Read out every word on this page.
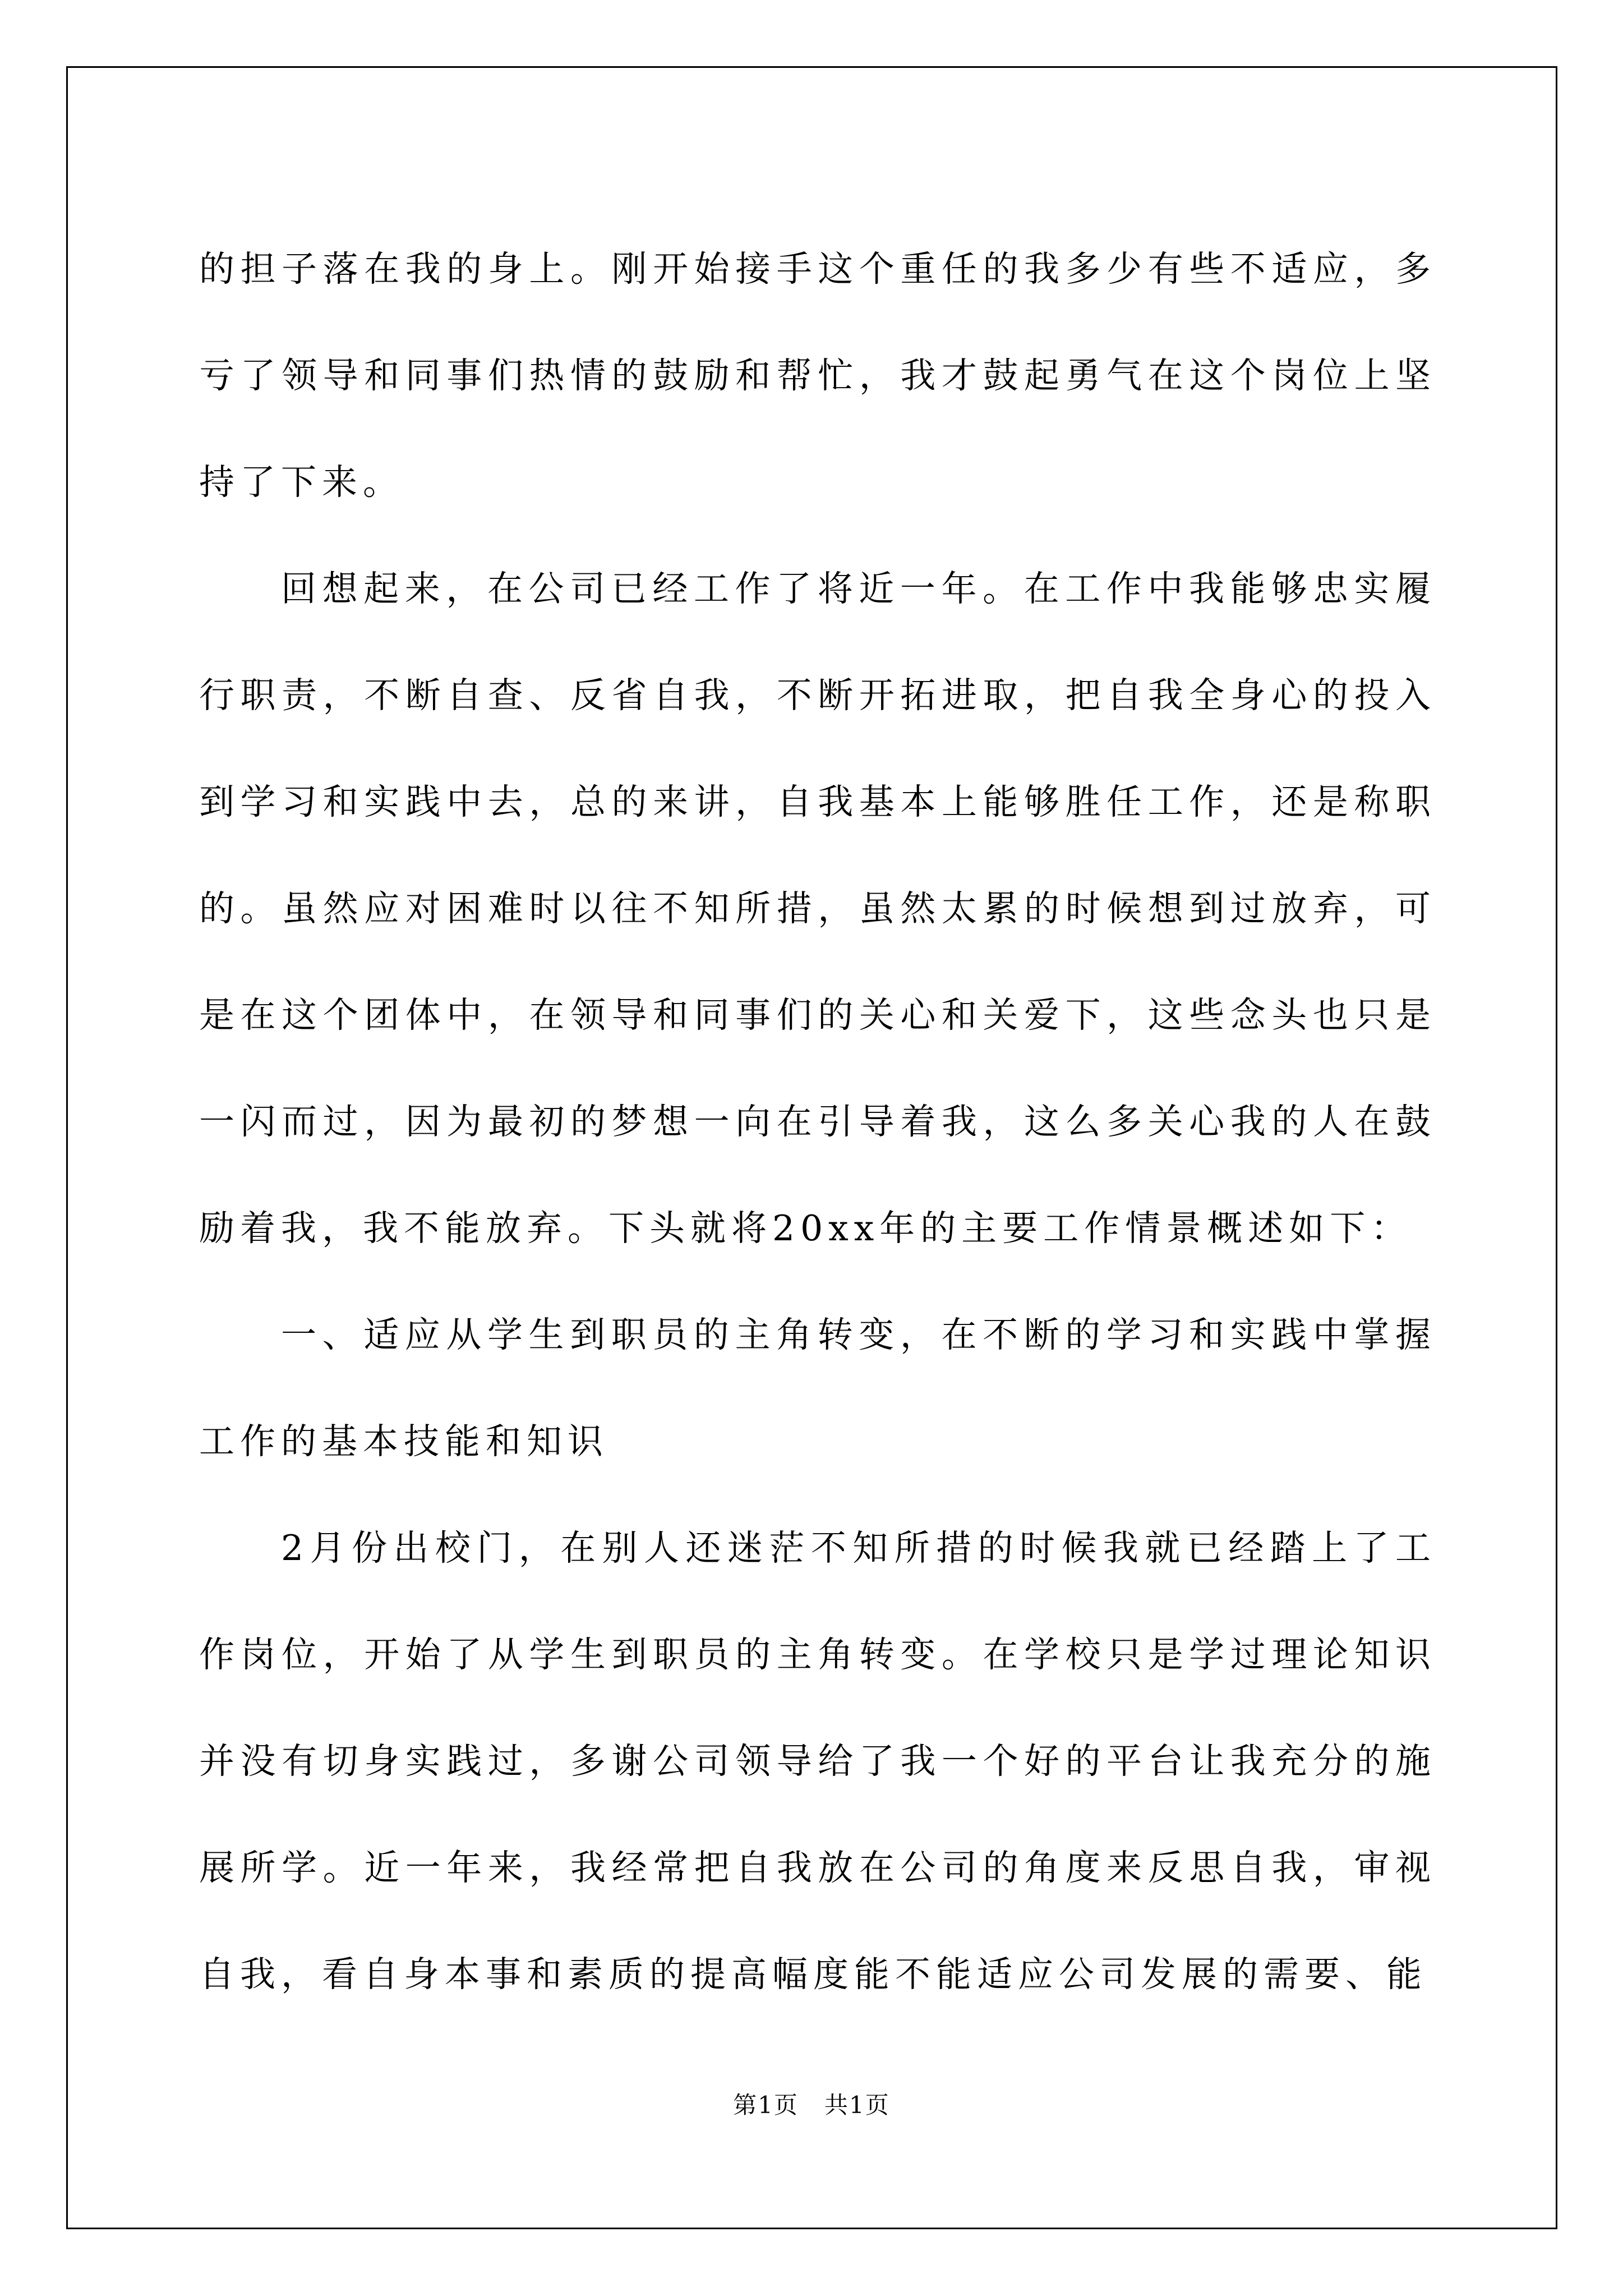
的担子落在我的身上。刚开始接手这个重任的我多少有些不适应，多亏了领导和同事们热情的鼓励和帮忙，我才鼓起勇气在这个岗位上坚持了下来。

回想起来，在公司已经工作了将近一年。在工作中我能够忠实履行职责，不断自查、反省自我，不断开拓进取，把自我全身心的投入到学习和实践中去，总的来讲，自我基本上能够胜任工作，还是称职的。虽然应对困难时以往不知所措，虽然太累的时候想到过放弃，可是在这个团体中，在领导和同事们的关心和关爱下，这些念头也只是一闪而过，因为最初的梦想一向在引导着我，这么多关心我的人在鼓励着我，我不能放弃。下头就将20xx年的主要工作情景概述如下：

一、适应从学生到职员的主角转变，在不断的学习和实践中掌握工作的基本技能和知识

2月份出校门，在别人还迷茫不知所措的时候我就已经踏上了工作岗位，开始了从学生到职员的主角转变。在学校只是学过理论知识并没有切身实践过，多谢公司领导给了我一个好的平台让我充分的施展所学。近一年来，我经常把自我放在公司的角度来反思自我，审视自我，看自身本事和素质的提高幅度能不能适应公司发展的需要、能

第1页 共1页
